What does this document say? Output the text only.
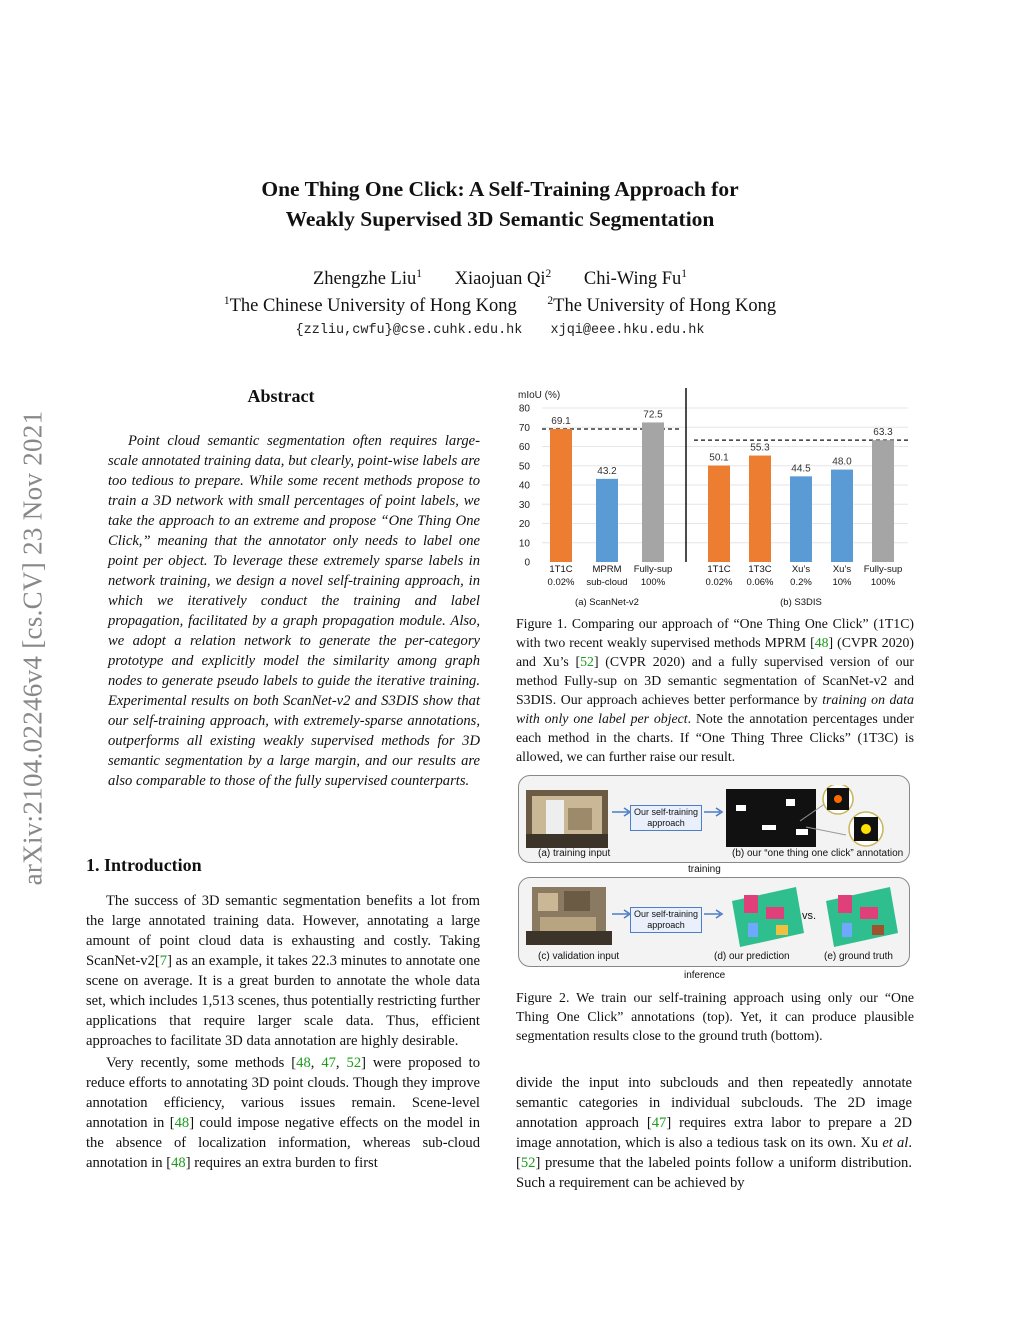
arXiv:2104.02246v4 [cs.CV] 23 Nov 2021
One Thing One Click: A Self-Training Approach for
Weakly Supervised 3D Semantic Segmentation
Zhengzhe Liu$^1$ Xiaojuan Qi$^2$ Chi-Wing Fu$^1$
$^1$The Chinese University of Hong Kong	$^2$The University of Hong Kong
{zzliu,cwfu}@cse.cuhk.edu.hk xjqi@eee.hku.edu.hk
Abstract

Point cloud semantic segmentation often requires large-scale annotated training data, but clearly, point-wise labels are too tedious to prepare. While some recent methods propose to train a 3D network with small percentages of point labels, we take the approach to an extreme and propose “One Thing One Click,” meaning that the annotator only needs to label one point per object. To leverage these extremely sparse labels in network training, we design a novel self-training approach, in which we iteratively conduct the training and label propagation, facilitated by a graph propagation module. Also, we adopt a relation network to generate the per-category prototype and explicitly model the similarity among graph nodes to generate pseudo labels to guide the iterative training. Experimental results on both ScanNet-v2 and S3DIS show that our self-training approach, with extremely-sparse annotations, outperforms all existing weakly supervised methods for 3D semantic segmentation by a large margin, and our results are also comparable to those of the fully supervised counterparts.

1. Introduction

The success of 3D semantic segmentation benefits a lot from the large annotated training data. However, annotating a large amount of point cloud data is exhausting and costly. Taking ScanNet-v2[7] as an example, it takes 22.3 minutes to annotate one scene on average. It is a great burden to annotate the whole data set, which includes 1,513 scenes, thus potentially restricting further applications that require larger scale data. Thus, efficient approaches to facilitate 3D data annotation are highly desirable.

Very recently, some methods [48, 47, 52] were proposed to reduce efforts to annotating 3D point clouds. Though they improve annotation efficiency, various issues remain. Scene-level annotation in [48] could impose negative effects on the model in the absence of localization information, whereas sub-cloud annotation in [48] requires an extra burden to first

mIoU (%)
80
70
60
50
40
30
20
10
0
69.1
1T1C
0.02%
43.2
MPRM
sub-cloud
72.5
Fully-sup
100%
(a) ScanNet-v2
50.1
1T1C
0.02%
55.3
1T3C
0.06%
44.5
Xu’s
0.2%
48.0
Xu’s
10%
63.3
Fully-sup
100%
(b) S3DIS
Figure 1. Comparing our approach of “One Thing One Click” (1T1C) with two recent weakly supervised methods MPRM [48] (CVPR 2020) and Xu’s [52] (CVPR 2020) and a fully supervised version of our method Fully-sup on 3D semantic segmentation of ScanNet-v2 and S3DIS. Our approach achieves better performance by training on data with only one label per object. Note the annotation percentages under each method in the charts. If “One Thing Three Clicks” (1T3C) is allowed, we can further raise our result.
(a) training input
Our self-training approach
(b) our “one thing one click” annotation
training
(c) validation input
Our self-training approach
(d) our prediction
vs.
(e) ground truth
inference
Figure 2. We train our self-training approach using only our “One Thing One Click” annotations (top). Yet, it can produce plausible segmentation results close to the ground truth (bottom).

divide the input into subclouds and then repeatedly annotate semantic categories in individual subclouds. The 2D image annotation approach [47] requires extra labor to prepare a 2D image annotation, which is also a tedious task on its own. Xu et al. [52] presume that the labeled points follow a uniform distribution. Such a requirement can be achieved by
